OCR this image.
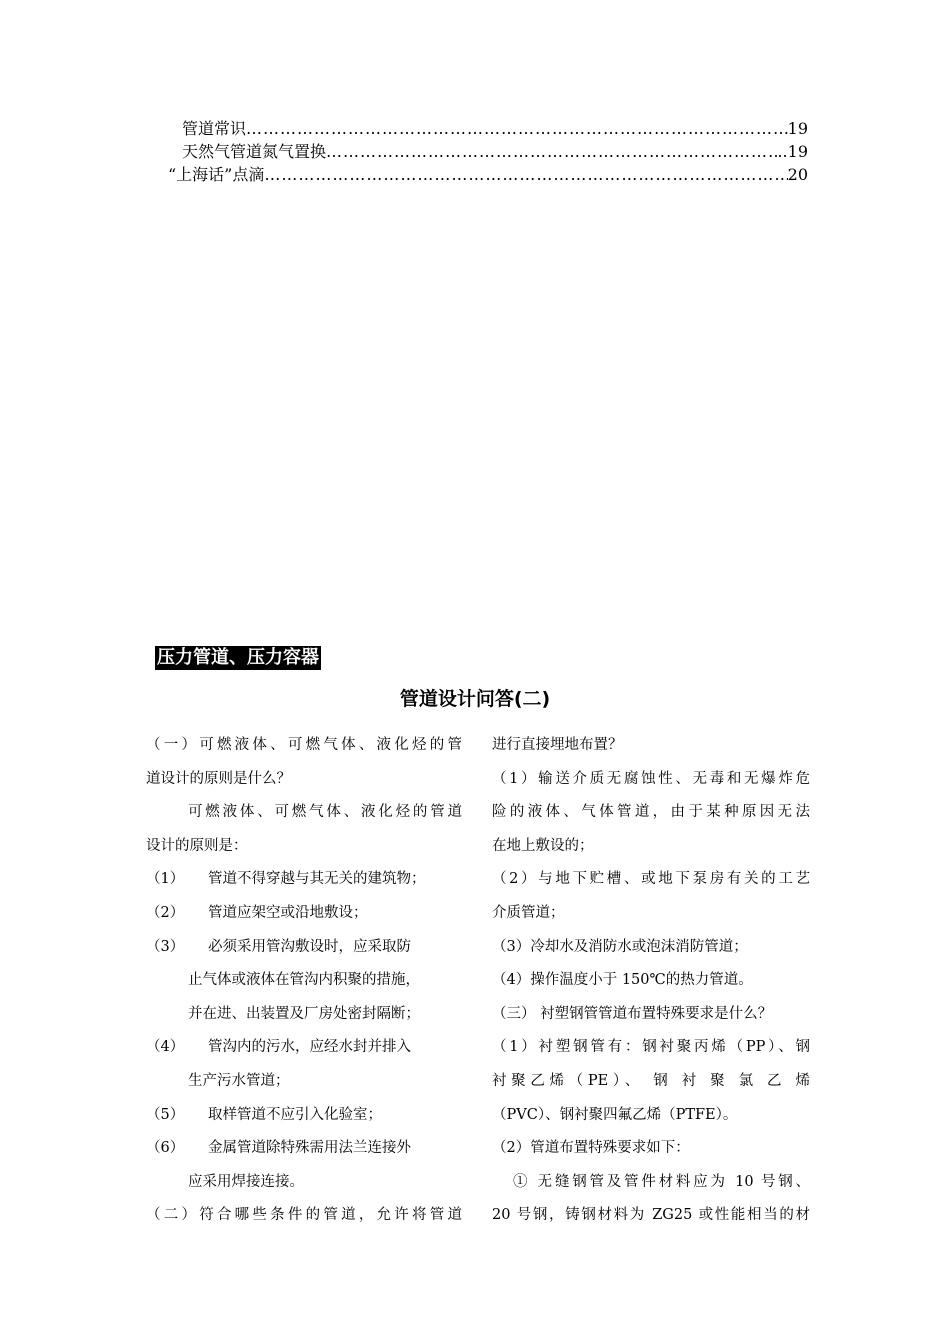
管道常识 ……………………………………………………………………………………………………………………………	19
天然气管道氮气置换 ……………………………………………………………………………………………………………………………	..19
“上海话”点滴 ……………………………………………………………………………………………………………………………	20
压力管道、压力容器
管道设计问答(二)
（一）可燃液体、可燃气体、液化烃的管
道设计的原则是什么？
可燃液体、可燃气体、液化烃的管道
设计的原则是：
（1） 管道不得穿越与其无关的建筑物；
（2） 管道应架空或沿地敷设；
（3） 必须采用管沟敷设时，应采取防
止气体或液体在管沟内积聚的措施，
并在进、出装置及厂房处密封隔断；
（4） 管沟内的污水，应经水封并排入
生产污水管道；
（5） 取样管道不应引入化验室；
（6） 金属管道除特殊需用法兰连接外
应采用焊接连接。
（二）符合哪些条件的管道，允许将管道
进行直接埋地布置？
（1）输送介质无腐蚀性、无毒和无爆炸危
险的液体、气体管道，由于某种原因无法
在地上敷设的；
（2）与地下贮槽、或地下泵房有关的工艺
介质管道；
（3）冷却水及消防水或泡沫消防管道；
（4）操作温度小于 150℃的热力管道。
（三） 衬塑钢管管道布置特殊要求是什么？
（1）衬塑钢管有：钢衬聚丙烯（PP）、钢
衬聚乙烯（PE）、 钢 衬 聚 氯 乙 烯
（PVC）、钢衬聚四氟乙烯（PTFE）。
（2）管道布置特殊要求如下：
① 无缝钢管及管件材料应为 10 号钢、
20 号钢，铸钢材料为 ZG25 或性能相当的材
